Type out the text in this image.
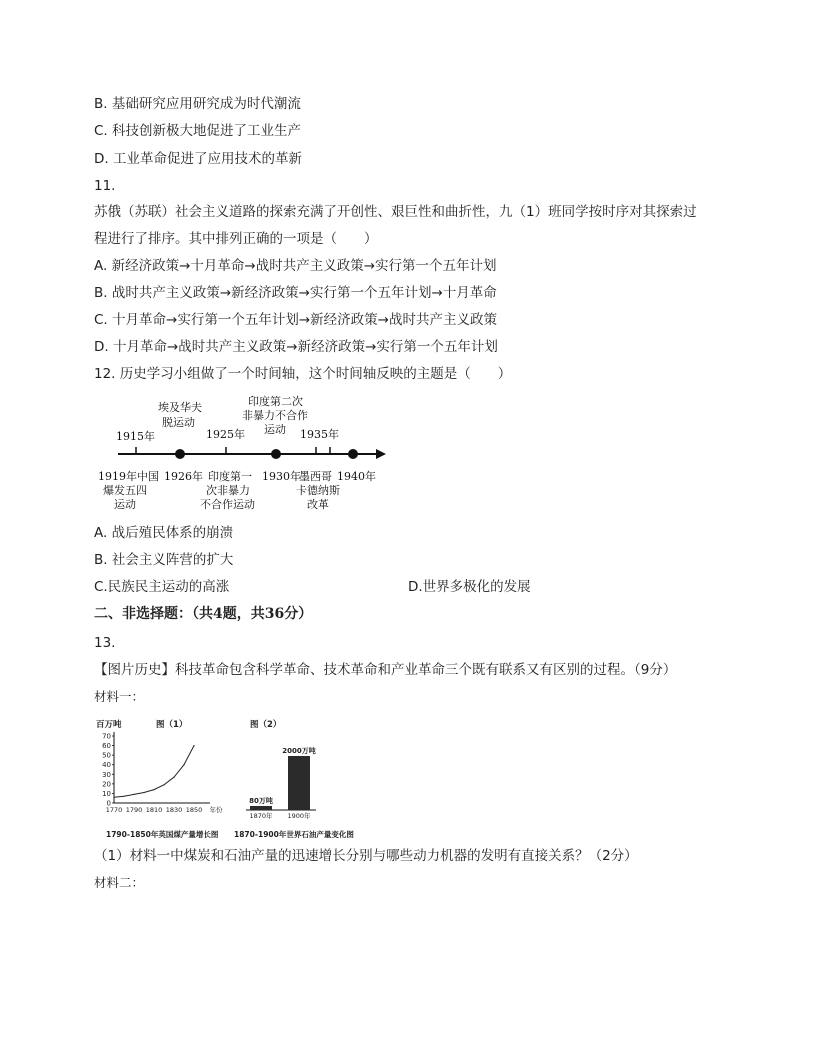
B. 基础研究应用研究成为时代潮流
C. 科技创新极大地促进了工业生产
D. 工业革命促进了应用技术的革新
11.
苏俄（苏联）社会主义道路的探索充满了开创性、艰巨性和曲折性，九（1）班同学按时序对其探索过
程进行了排序。其中排列正确的一项是（　　）
A. 新经济政策→十月革命→战时共产主义政策→实行第一个五年计划
B. 战时共产主义政策→新经济政策→实行第一个五年计划→十月革命
C. 十月革命→实行第一个五年计划→新经济政策→战时共产主义政策
D. 十月革命→战时共产主义政策→新经济政策→实行第一个五年计划
12. 历史学习小组做了一个时间轴，这个时间轴反映的主题是（　　）
1915年
埃及华夫
脱运动
1925年
印度第二次
非暴力不合作
运动 1935年
1919年中国
爆发五四
运动
1926年 印度第一
次非暴力
不合作运动
1930年
墨西哥
卡德纳斯
改革
1940年
A. 战后殖民体系的崩溃
B. 社会主义阵营的扩大
C.民族民主运动的高涨	D.世界多极化的发展
二、非选择题：（共4题，共36分）
13.
【图片历史】科技革命包含科学革命、技术革命和产业革命三个既有联系又有区别的过程。（9分）
材料一：
百万吨	图（1）
70
60
50
40
30
20
10
0
1770 1790 1810 1830 1850 年份
1790-1850年英国煤产量增长图
图（2）
80万吨
1870年
2000万吨
1900年
1870-1900年世界石油产量变化图
（1）材料一中煤炭和石油产量的迅速增长分别与哪些动力机器的发明有直接关系？（2分）
材料二：
